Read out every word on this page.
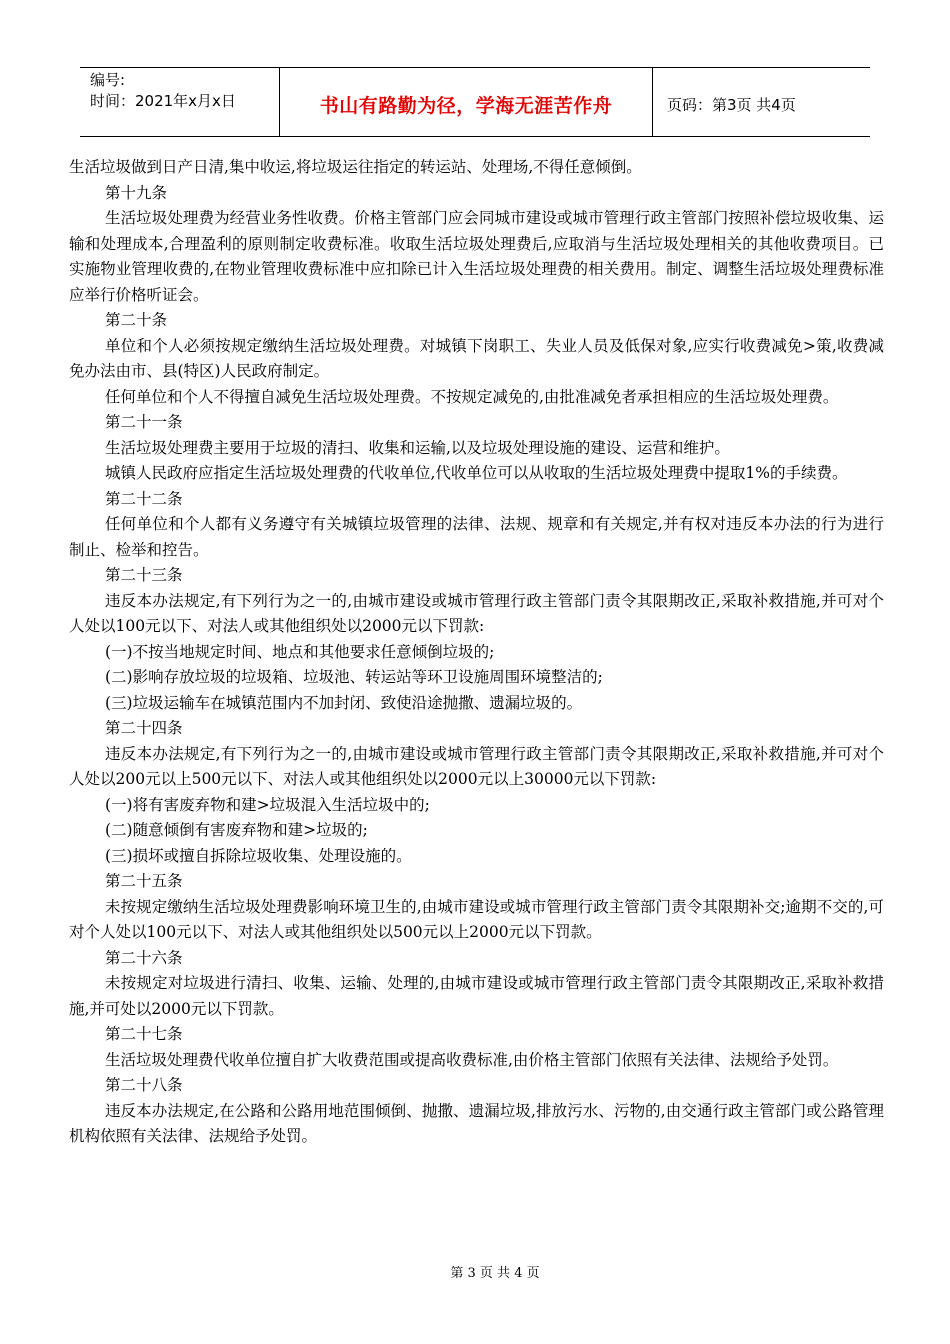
编号:
时间：2021年x月x日	书山有路勤为径，学海无涯苦作舟	页码：第3页 共4页

生活垃圾做到日产日清,集中收运,将垃圾运往指定的转运站、处理场,不得任意倾倒。

第十九条

生活垃圾处理费为经营业务性收费。价格主管部门应会同城市建设或城市管理行政主管部门按照补偿垃圾收集、运输和处理成本,合理盈利的原则制定收费标准。收取生活垃圾处理费后,应取消与生活垃圾处理相关的其他收费项目。已实施物业管理收费的,在物业管理收费标准中应扣除已计入生活垃圾处理费的相关费用。制定、调整生活垃圾处理费标准应举行价格听证会。

第二十条

单位和个人必须按规定缴纳生活垃圾处理费。对城镇下岗职工、失业人员及低保对象,应实行收费减免>策,收费减免办法由市、县(特区)人民政府制定。

任何单位和个人不得擅自减免生活垃圾处理费。不按规定减免的,由批准减免者承担相应的生活垃圾处理费。

第二十一条

生活垃圾处理费主要用于垃圾的清扫、收集和运输,以及垃圾处理设施的建设、运营和维护。

城镇人民政府应指定生活垃圾处理费的代收单位,代收单位可以从收取的生活垃圾处理费中提取1%的手续费。

第二十二条

任何单位和个人都有义务遵守有关城镇垃圾管理的法律、法规、规章和有关规定,并有权对违反本办法的行为进行制止、检举和控告。

第二十三条

违反本办法规定,有下列行为之一的,由城市建设或城市管理行政主管部门责令其限期改正,采取补救措施,并可对个人处以100元以下、对法人或其他组织处以2000元以下罚款:

(一)不按当地规定时间、地点和其他要求任意倾倒垃圾的;

(二)影响存放垃圾的垃圾箱、垃圾池、转运站等环卫设施周围环境整洁的;

(三)垃圾运输车在城镇范围内不加封闭、致使沿途抛撒、遗漏垃圾的。

第二十四条

违反本办法规定,有下列行为之一的,由城市建设或城市管理行政主管部门责令其限期改正,采取补救措施,并可对个人处以200元以上500元以下、对法人或其他组织处以2000元以上30000元以下罚款:

(一)将有害废弃物和建>垃圾混入生活垃圾中的;

(二)随意倾倒有害废弃物和建>垃圾的;

(三)损坏或擅自拆除垃圾收集、处理设施的。

第二十五条

未按规定缴纳生活垃圾处理费影响环境卫生的,由城市建设或城市管理行政主管部门责令其限期补交;逾期不交的,可对个人处以100元以下、对法人或其他组织处以500元以上2000元以下罚款。

第二十六条

未按规定对垃圾进行清扫、收集、运输、处理的,由城市建设或城市管理行政主管部门责令其限期改正,采取补救措施,并可处以2000元以下罚款。

第二十七条

生活垃圾处理费代收单位擅自扩大收费范围或提高收费标准,由价格主管部门依照有关法律、法规给予处罚。

第二十八条

违反本办法规定,在公路和公路用地范围倾倒、抛撒、遗漏垃圾,排放污水、污物的,由交通行政主管部门或公路管理机构依照有关法律、法规给予处罚。

第 3 页 共 4 页
